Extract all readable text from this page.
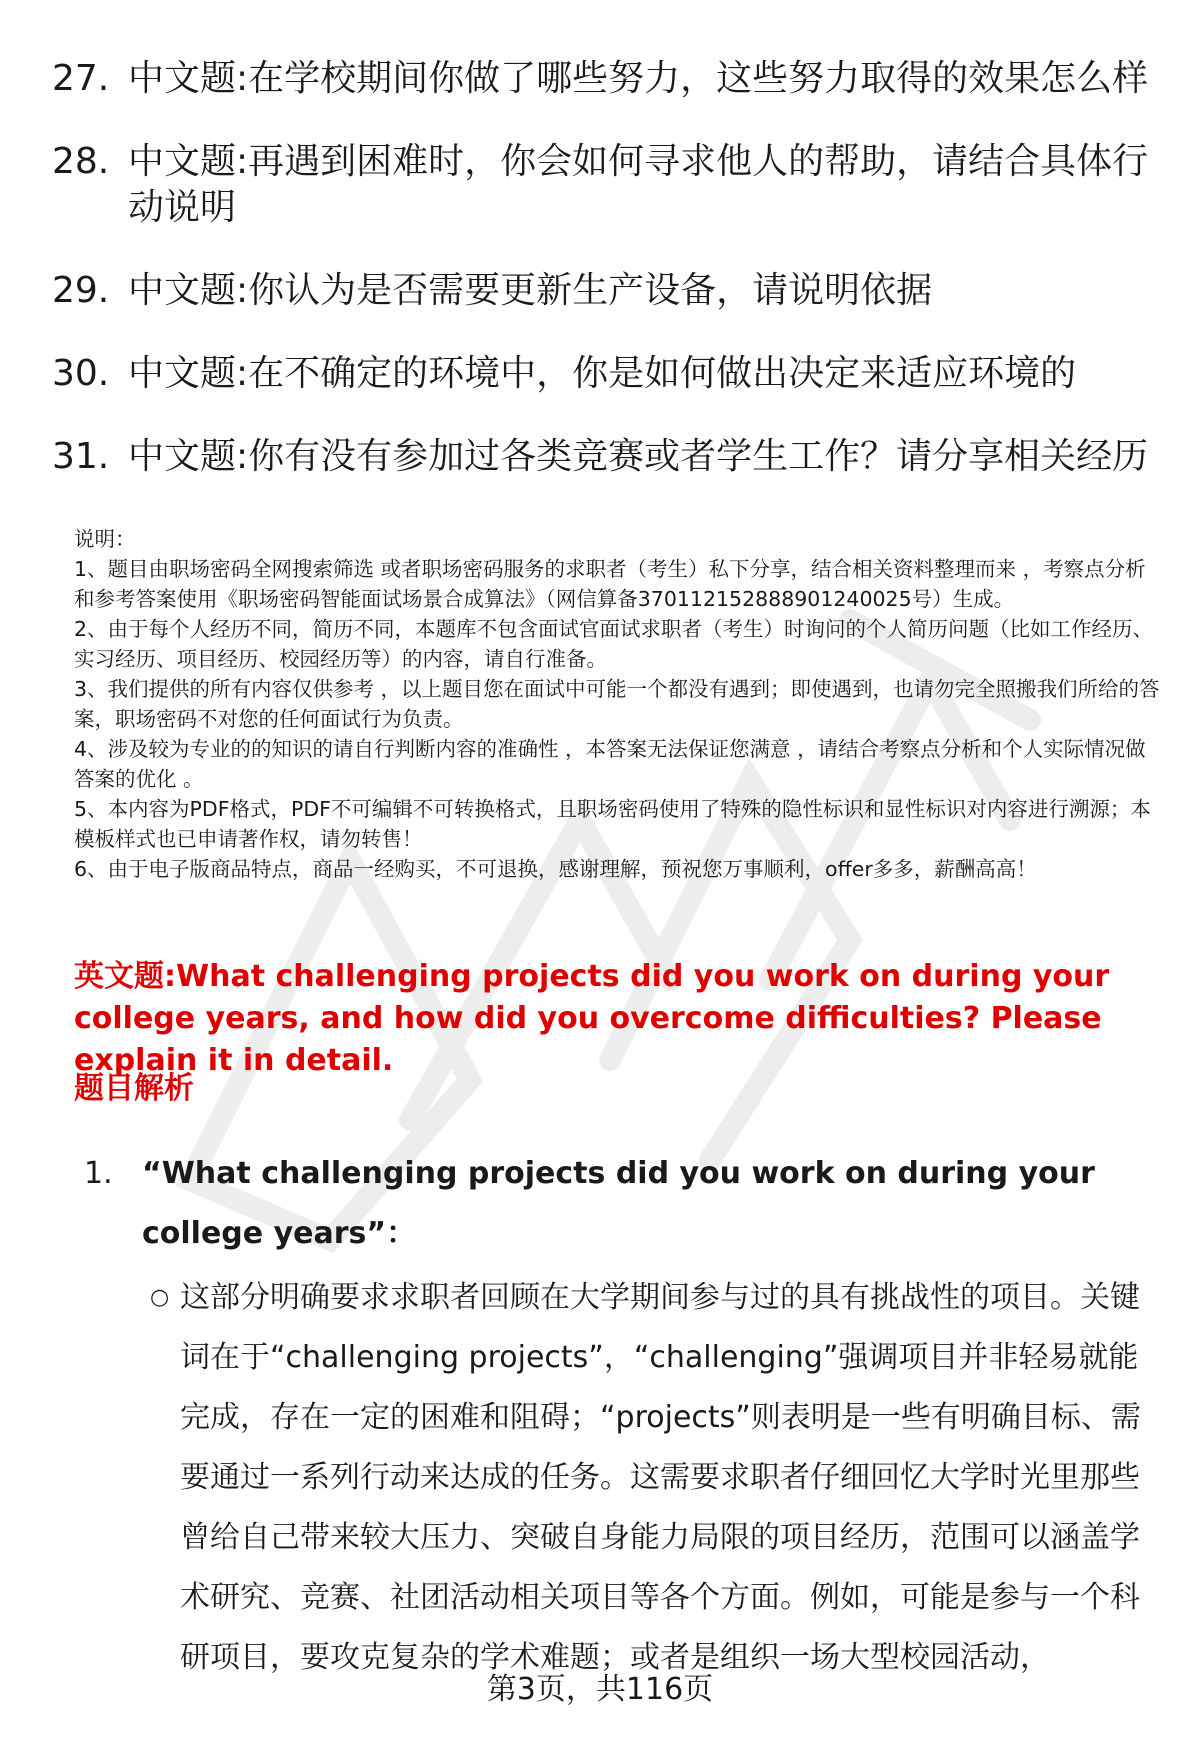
27. 中文题:在学校期间你做了哪些努力，这些努力取得的效果怎么样
28. 中文题:再遇到困难时，你会如何寻求他人的帮助，请结合具体行动说明
29. 中文题:你认为是否需要更新生产设备，请说明依据
30. 中文题:在不确定的环境中，你是如何做出决定来适应环境的
31. 中文题:你有没有参加过各类竞赛或者学生工作？请分享相关经历

说明：

1、题目由职场密码全网搜索筛选 或者职场密码服务的求职者（考生）私下分享，结合相关资料整理而来 ，考察点分析和参考答案使用《职场密码智能面试场景合成算法》（网信算备370112152888901240025号）生成。

2、由于每个人经历不同，简历不同，本题库不包含面试官面试求职者（考生）时询问的个人简历问题（比如工作经历、实习经历、项目经历、校园经历等）的内容，请自行准备。

3、我们提供的所有内容仅供参考 ，以上题目您在面试中可能一个都没有遇到；即使遇到，也请勿完全照搬我们所给的答案，职场密码不对您的任何面试行为负责。

4、涉及较为专业的的知识的请自行判断内容的准确性 ，本答案无法保证您满意 ，请结合考察点分析和个人实际情况做答案的优化 。

5、本内容为PDF格式，PDF不可编辑不可转换格式，且职场密码使用了特殊的隐性标识和显性标识对内容进行溯源；本模板样式也已申请著作权，请勿转售！

6、由于电子版商品特点，商品一经购买，不可退换，感谢理解，预祝您万事顺利，offer多多，薪酬高高！

英文题:What challenging projects did you work on during your college years, and how did you overcome difficulties? Please explain it in detail.
题目解析
1. “What challenging projects did you work on during your college years”：
○ 这部分明确要求求职者回顾在大学期间参与过的具有挑战性的项目。关键词在于“challenging projects”，“challenging”强调项目并非轻易就能完成，存在一定的困难和阻碍；“projects”则表明是一些有明确目标、需要通过一系列行动来达成的任务。这需要求职者仔细回忆大学时光里那些曾给自己带来较大压力、突破自身能力局限的项目经历，范围可以涵盖学术研究、竞赛、社团活动相关项目等各个方面。例如，可能是参与一个科研项目，要攻克复杂的学术难题；或者是组织一场大型校园活动，
第3页，共116页
